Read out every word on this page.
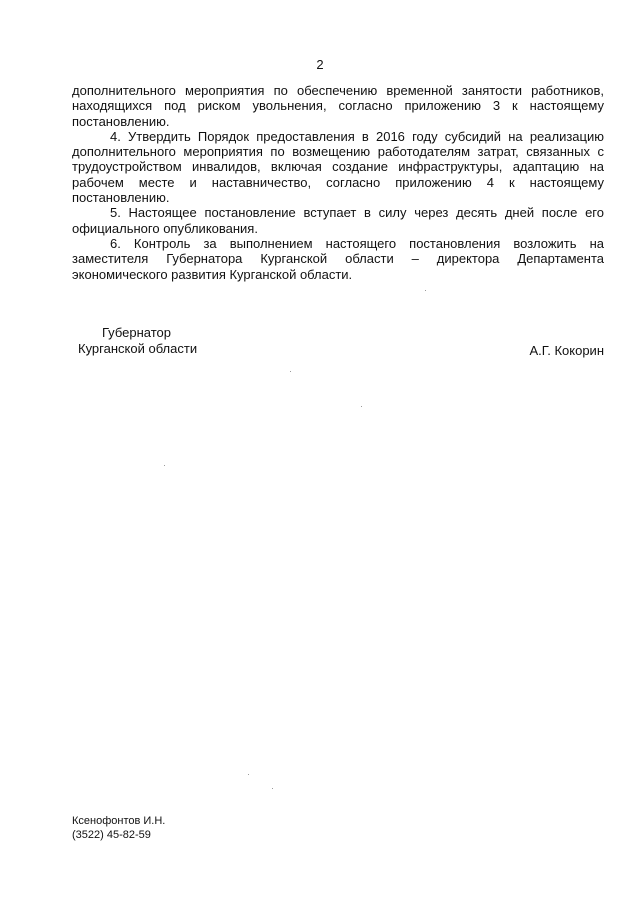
2

дополнительного мероприятия по обеспечению временной занятости работников, находящихся под риском увольнения, согласно приложению 3 к настоящему постановлению.

4. Утвердить Порядок предоставления в 2016 году субсидий на реализацию дополнительного мероприятия по возмещению работодателям затрат, связанных с трудоустройством инвалидов, включая создание инфраструктуры, адаптацию на рабочем месте и наставничество, согласно приложению 4 к настоящему постановлению.

5. Настоящее постановление вступает в силу через десять дней после его официального опубликования.

6. Контроль за выполнением настоящего постановления возложить на заместителя Губернатора Курганской области – директора Департамента экономического развития Курганской области.

Губернатор
Курганской области	А.Г. Кокорин
Ксенофонтов И.Н.
(3522) 45-82-59
